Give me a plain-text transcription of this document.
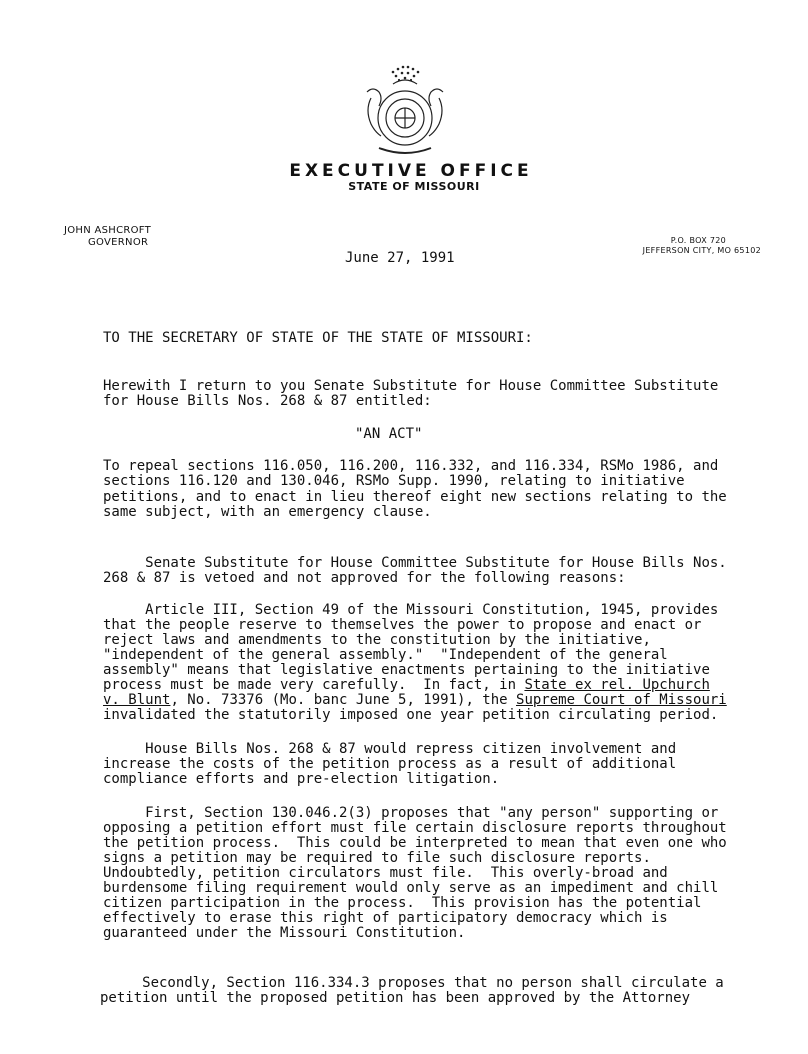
EXECUTIVE OFFICE
STATE OF MISSOURI
JOHN ASHCROFT
GOVERNOR	P.O. BOX 720
JEFFERSON CITY, MO 65102
June 27, 1991

TO THE SECRETARY OF STATE OF THE STATE OF MISSOURI:

Herewith I return to you Senate Substitute for House Committee Substitute

for House Bills Nos. 268 & 87 entitled:

"AN ACT"

To repeal sections 116.050, 116.200, 116.332, and 116.334, RSMo 1986, and

sections 116.120 and 130.046, RSMo Supp. 1990, relating to initiative

petitions, and to enact in lieu thereof eight new sections relating to the

same subject, with an emergency clause.

Senate Substitute for House Committee Substitute for House Bills Nos.

268 & 87 is vetoed and not approved for the following reasons:

Article III, Section 49 of the Missouri Constitution, 1945, provides

that the people reserve to themselves the power to propose and enact or

reject laws and amendments to the constitution by the initiative,

"independent of the general assembly."  "Independent of the general

assembly" means that legislative enactments pertaining to the initiative

process must be made very carefully.  In fact, in State ex rel. Upchurch

v. Blunt, No. 73376 (Mo. banc June 5, 1991), the Supreme Court of Missouri

invalidated the statutorily imposed one year petition circulating period.

House Bills Nos. 268 & 87 would repress citizen involvement and

increase the costs of the petition process as a result of additional

compliance efforts and pre-election litigation.

First, Section 130.046.2(3) proposes that "any person" supporting or

opposing a petition effort must file certain disclosure reports throughout

the petition process.  This could be interpreted to mean that even one who

signs a petition may be required to file such disclosure reports.

Undoubtedly, petition circulators must file.  This overly-broad and

burdensome filing requirement would only serve as an impediment and chill

citizen participation in the process.  This provision has the potential

effectively to erase this right of participatory democracy which is

guaranteed under the Missouri Constitution.

Secondly, Section 116.334.3 proposes that no person shall circulate a

petition until the proposed petition has been approved by the Attorney
